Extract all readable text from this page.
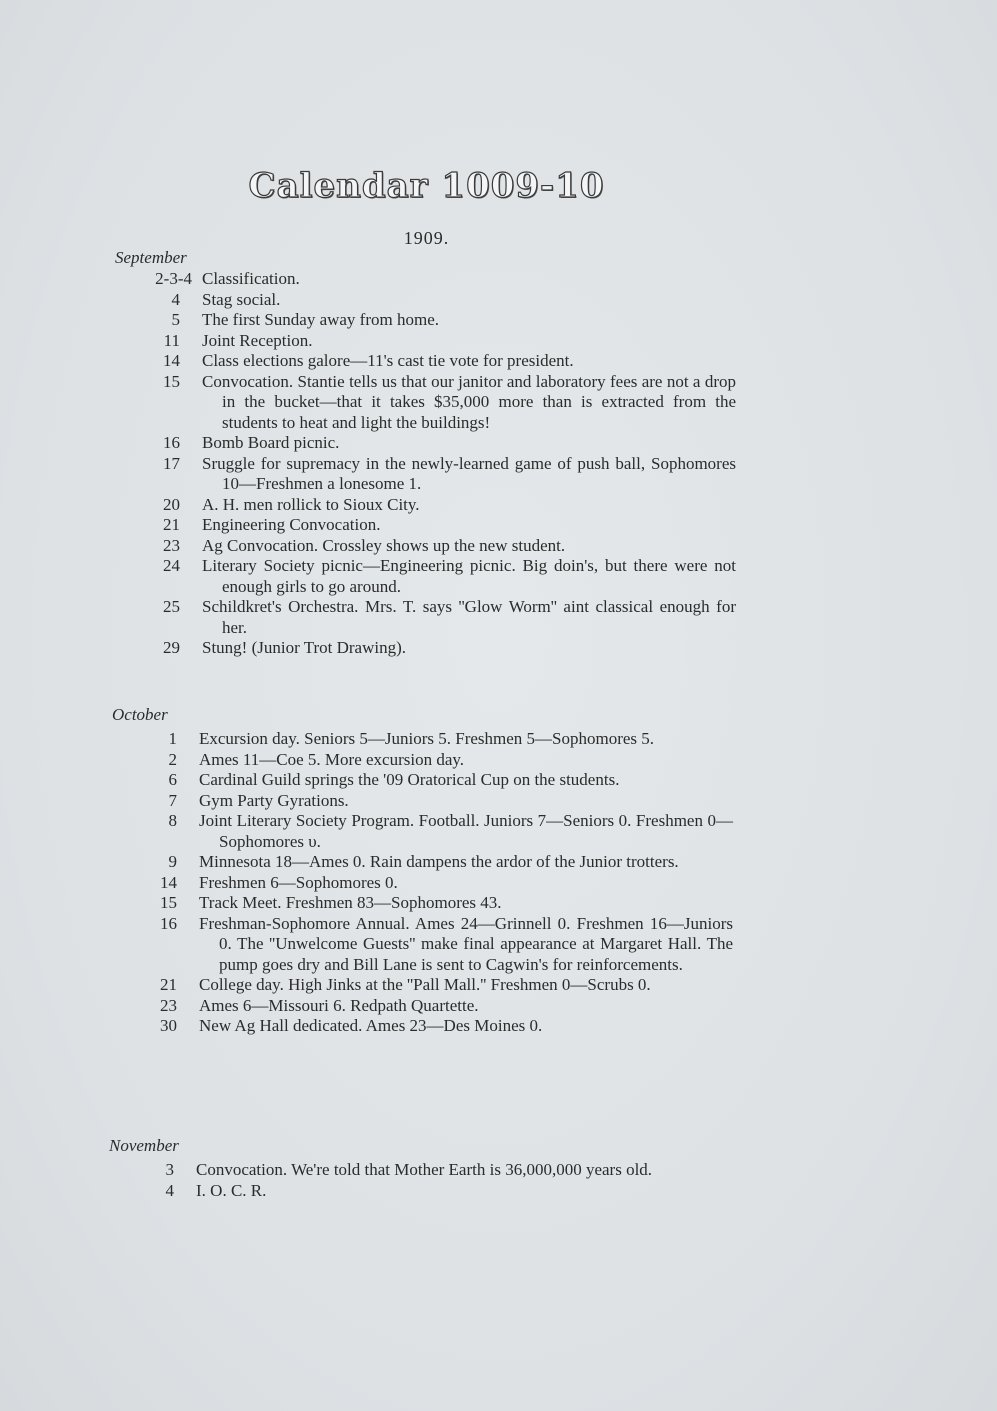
Calendar 1009-10
1909.
September
2-3-4 Classification.
4	Stag social.
5	The first Sunday away from home.
11	Joint Reception.
14	Class elections galore—11's cast tie vote for president.
15	Convocation. Stantie tells us that our janitor and laboratory fees are not a drop in the bucket—that it takes $35,000 more than is extracted from the students to heat and light the buildings!
16	Bomb Board picnic.
17	Sruggle for supremacy in the newly-learned game of push ball, Sophomores 10—Freshmen a lonesome 1.
20	A. H. men rollick to Sioux City.
21	Engineering Convocation.
23	Ag Convocation. Crossley shows up the new student.
24	Literary Society picnic—Engineering picnic. Big doin's, but there were not enough girls to go around.
25	Schildkret's Orchestra. Mrs. T. says ''Glow Worm'' aint classical enough for her.
29	Stung! (Junior Trot Drawing).
October
1	Excursion day. Seniors 5—Juniors 5. Freshmen 5—Sophomores 5.
2	Ames 11—Coe 5. More excursion day.
6	Cardinal Guild springs the '09 Oratorical Cup on the students.
7	Gym Party Gyrations.
8	Joint Literary Society Program. Football. Juniors 7—Seniors 0. Freshmen 0—Sophomores υ.
9	Minnesota 18—Ames 0. Rain dampens the ardor of the Junior trotters.
14	Freshmen 6—Sophomores 0.
15	Track Meet. Freshmen 83—Sophomores 43.
16	Freshman-Sophomore Annual. Ames 24—Grinnell 0. Freshmen 16—Juniors 0. The ''Unwelcome Guests'' make final appearance at Margaret Hall. The pump goes dry and Bill Lane is sent to Cagwin's for reinforcements.
21	College day. High Jinks at the ''Pall Mall.'' Freshmen 0—Scrubs 0.
23	Ames 6—Missouri 6. Redpath Quartette.
30	New Ag Hall dedicated. Ames 23—Des Moines 0.
November
3	Convocation. We're told that Mother Earth is 36,000,000 years old.
4	I. O. C. R.
